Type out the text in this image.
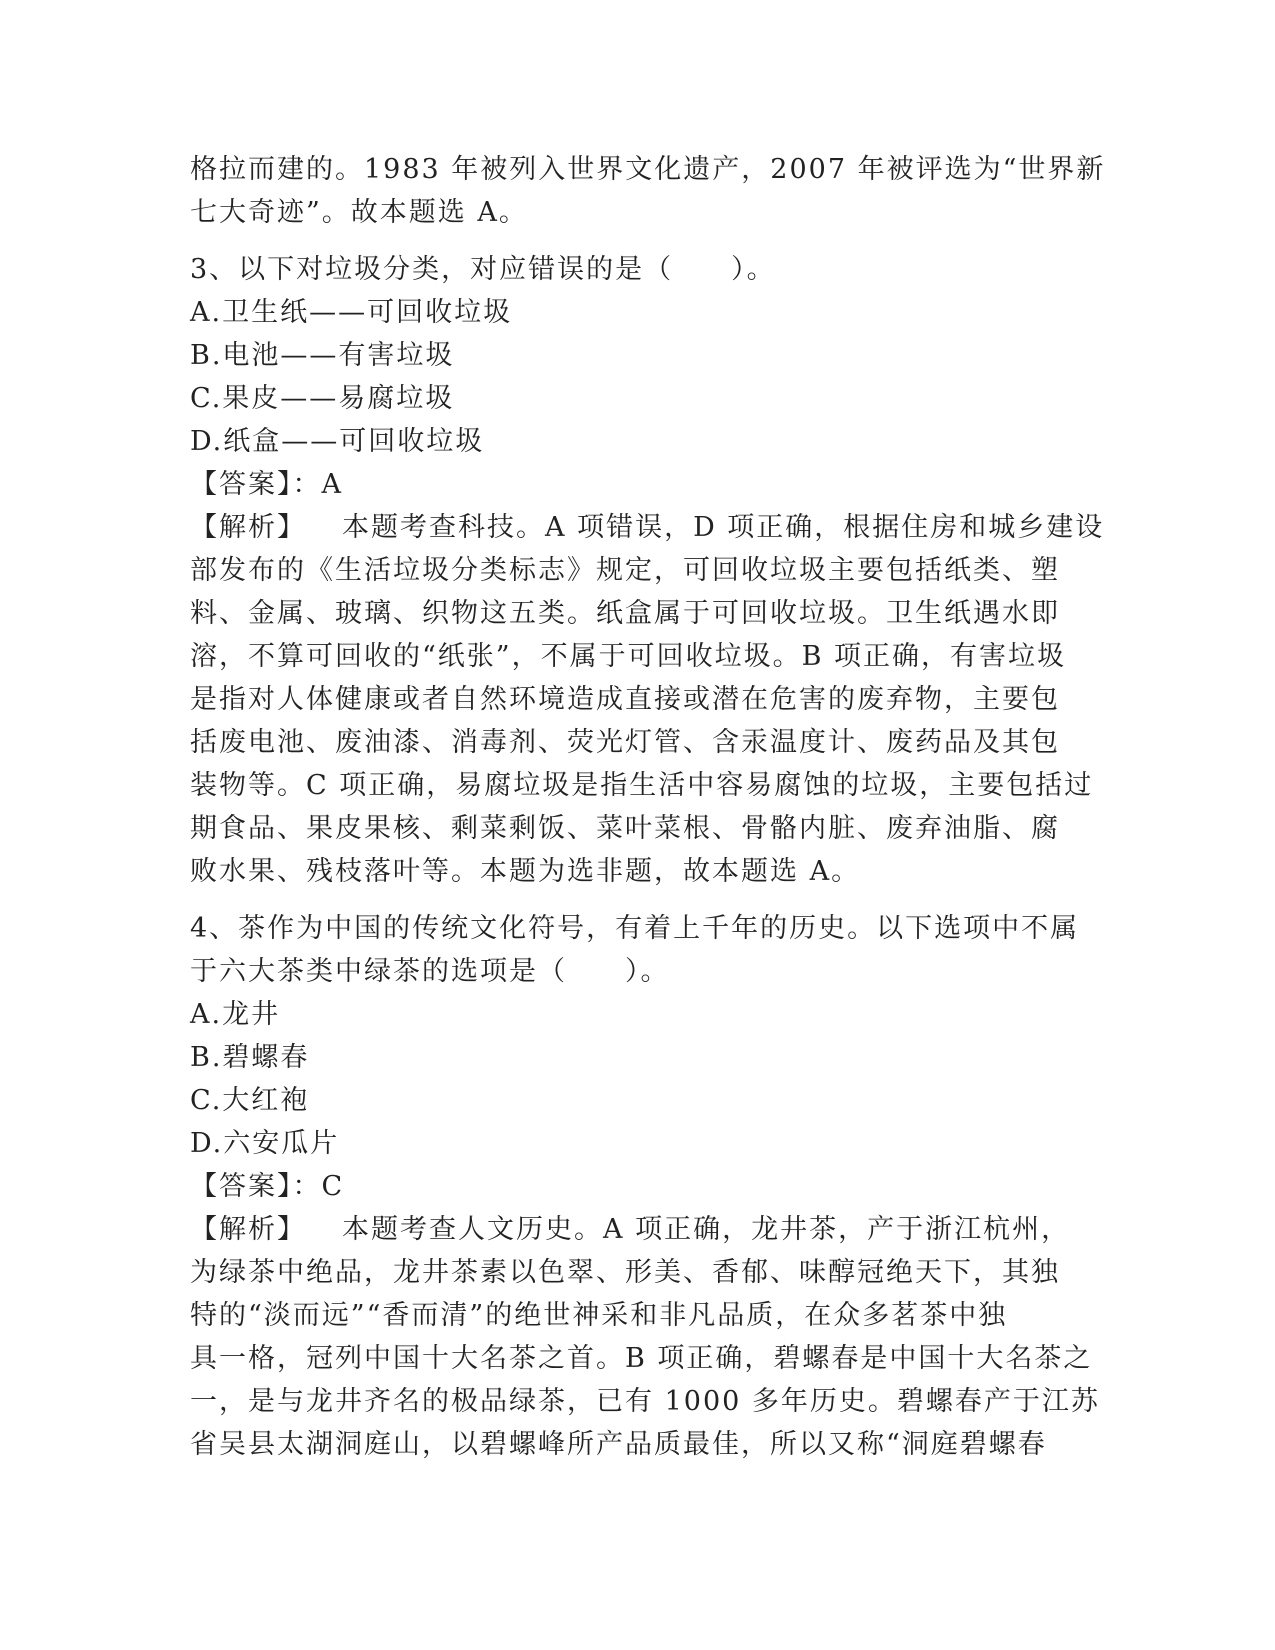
格拉而建的。1983 年被列入世界文化遗产，2007 年被评选为“世界新
七大奇迹”。故本题选 A。
3、以下对垃圾分类，对应错误的是（　　）。
A.卫生纸——可回收垃圾
B.电池——有害垃圾
C.果皮——易腐垃圾
D.纸盒——可回收垃圾
【答案】：A
【解析】 本题考查科技。A 项错误，D 项正确，根据住房和城乡建设
部发布的《生活垃圾分类标志》规定，可回收垃圾主要包括纸类、塑
料、金属、玻璃、织物这五类。纸盒属于可回收垃圾。卫生纸遇水即
溶，不算可回收的“纸张”，不属于可回收垃圾。B 项正确，有害垃圾
是指对人体健康或者自然环境造成直接或潜在危害的废弃物，主要包
括废电池、废油漆、消毒剂、荧光灯管、含汞温度计、废药品及其包
装物等。C 项正确，易腐垃圾是指生活中容易腐蚀的垃圾，主要包括过
期食品、果皮果核、剩菜剩饭、菜叶菜根、骨骼内脏、废弃油脂、腐
败水果、残枝落叶等。本题为选非题，故本题选 A。
4、茶作为中国的传统文化符号，有着上千年的历史。以下选项中不属
于六大茶类中绿茶的选项是（　　）。
A.龙井
B.碧螺春
C.大红袍
D.六安瓜片
【答案】：C
【解析】 本题考查人文历史。A 项正确，龙井茶，产于浙江杭州，
为绿茶中绝品，龙井茶素以色翠、形美、香郁、味醇冠绝天下，其独
特的“淡而远”“香而清”的绝世神采和非凡品质，在众多茗茶中独
具一格，冠列中国十大名茶之首。B 项正确，碧螺春是中国十大名茶之
一，是与龙井齐名的极品绿茶，已有 1000 多年历史。碧螺春产于江苏
省吴县太湖洞庭山，以碧螺峰所产品质最佳，所以又称“洞庭碧螺春
